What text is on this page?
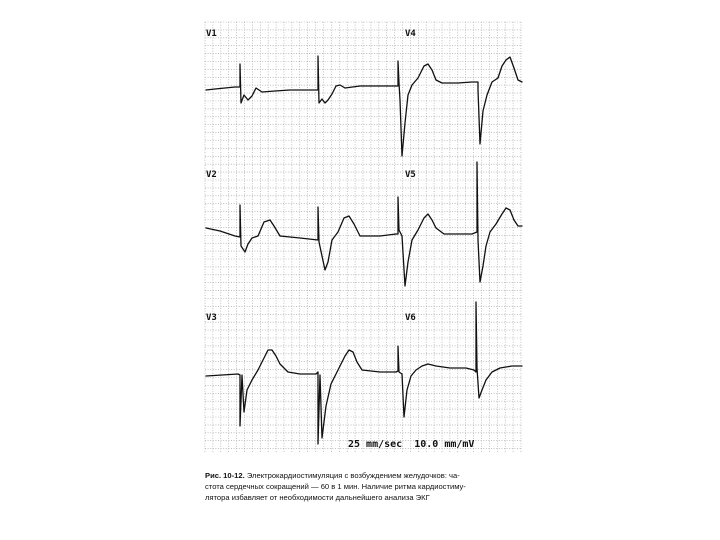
V1
V2
V3
V4
V5
V6
25 mm/sec  10.0 mm/mV

Рис. 10-12. Электрокардиостимуляция с возбуждением желудочков: ча-
стота сердечных сокращений — 60 в 1 мин. Наличие ритма кардиостиму-
лятора избавляет от необходимости дальнейшего анализа ЭКГ
